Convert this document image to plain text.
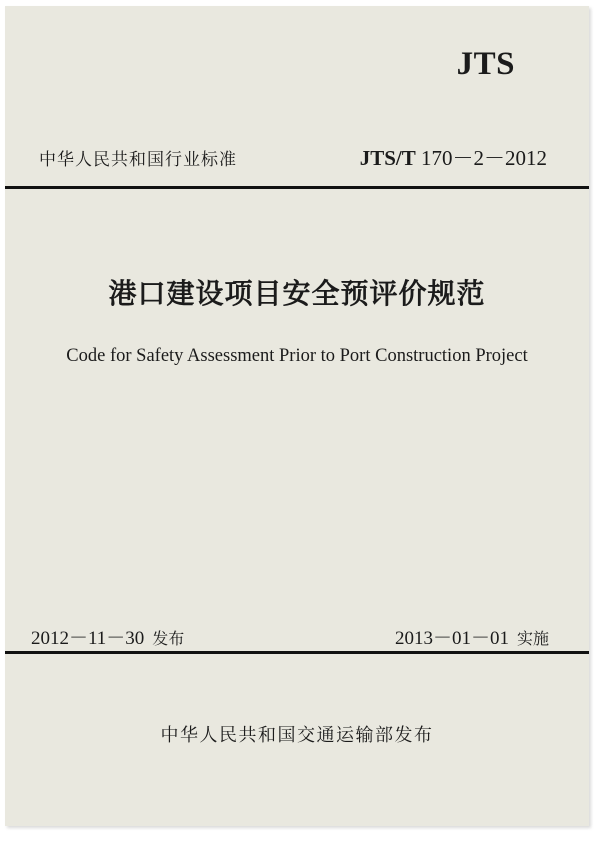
JTS
中华人民共和国行业标准	JTS/T 170－2－2012
港口建设项目安全预评价规范
Code for Safety Assessment Prior to Port Construction Project
2012－11－30 发布	2013－01－01 实施
中华人民共和国交通运输部发布
